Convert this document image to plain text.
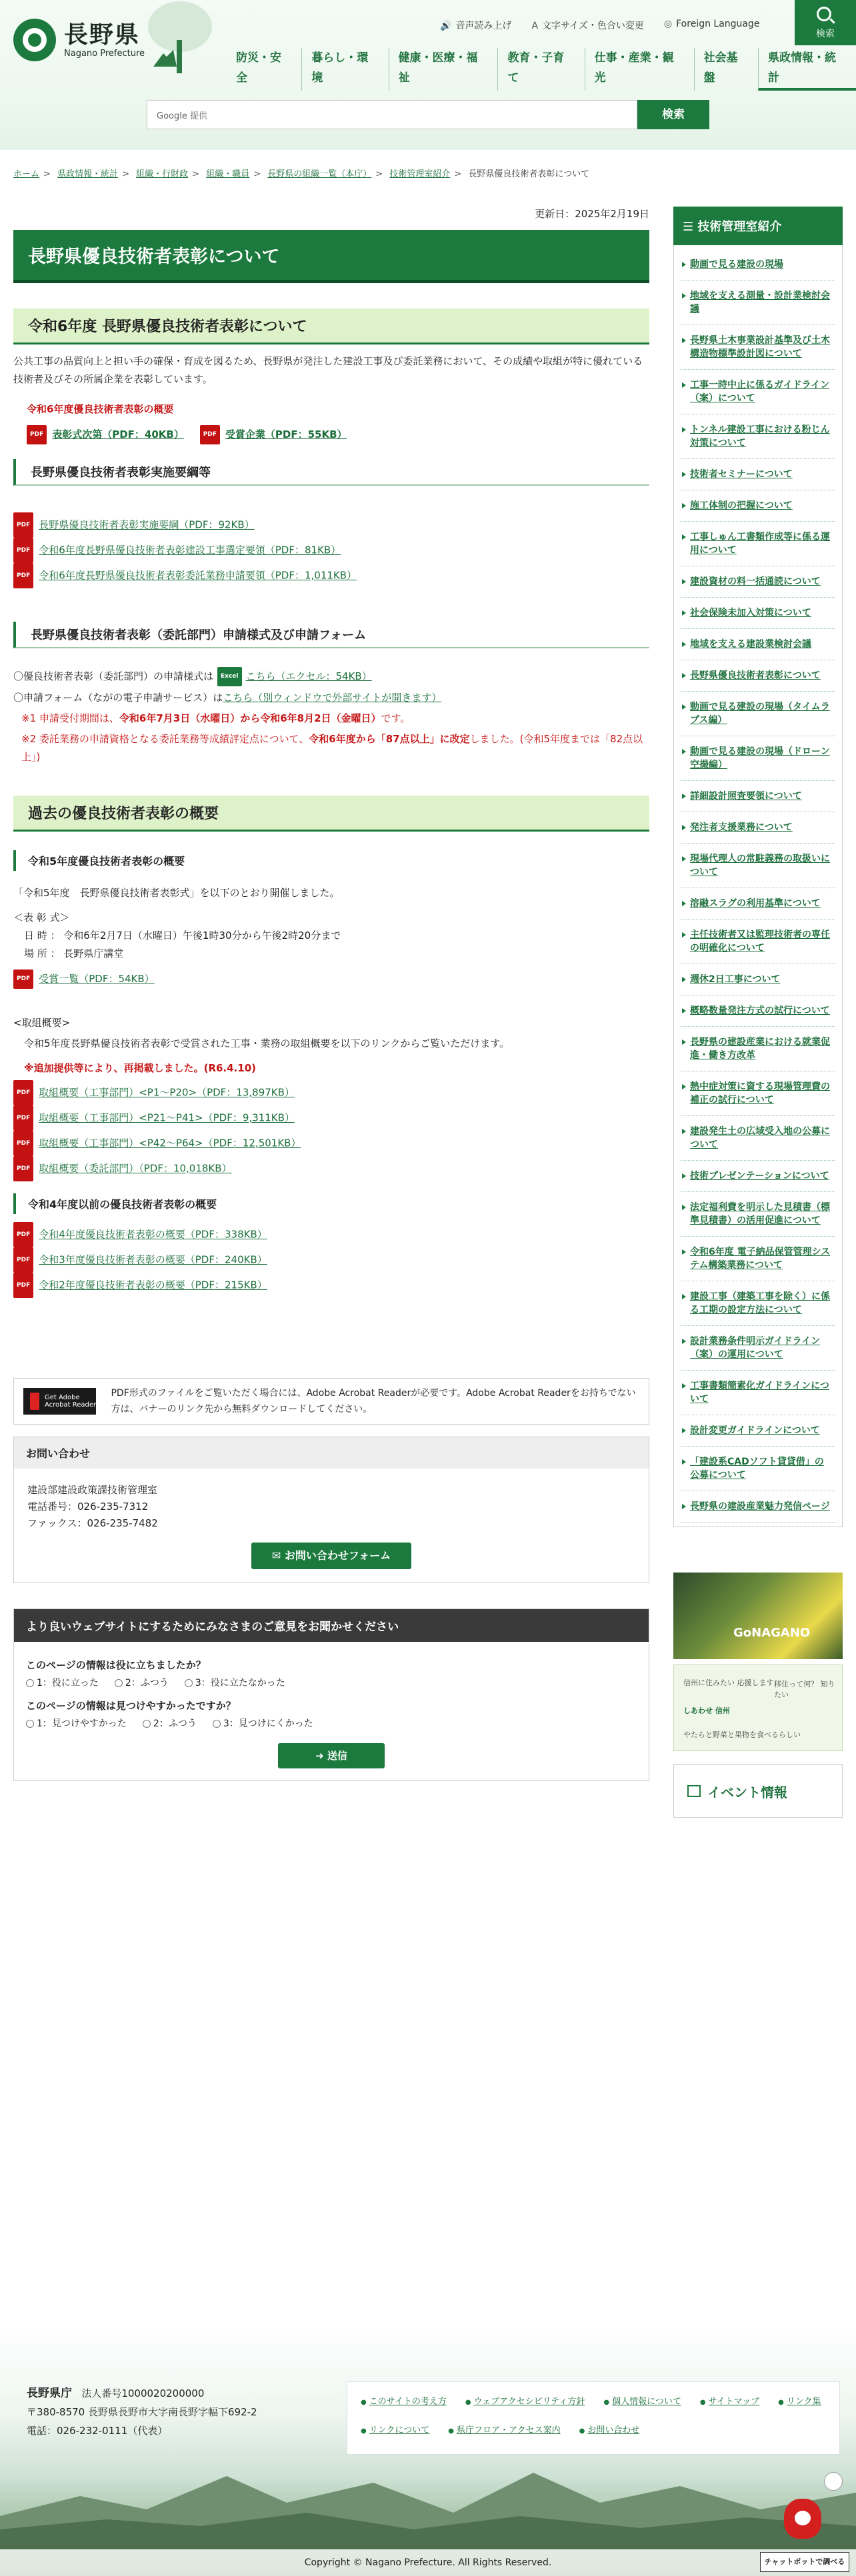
長野県
Nagano Prefecture
🔊 音声読み上げ A 文字サイズ・色合い変更 ◎ Foreign Language
検索
防災・安全
暮らし・環境
健康・医療・福祉
教育・子育て
仕事・産業・観光
社会基盤
県政情報・統計
Google 提供	検索
ホーム > 県政情報・統計 > 組織・行財政 > 組織・職員 > 長野県の組織一覧（本庁） > 技術管理室紹介 > 長野県優良技術者表彰について
更新日：2025年2月19日
長野県優良技術者表彰について
令和6年度 長野県優良技術者表彰について

公共工事の品質向上と担い手の確保・育成を図るため、長野県が発注した建設工事及び委託業務において、その成績や取組が特に優れている技術者及びその所属企業を表彰しています。

令和6年度優良技術者表彰の概要

PDF 表彰式次第（PDF：40KB）	PDF 受賞企業（PDF：55KB）

長野県優良技術者表彰実施要綱等
PDF 長野県優良技術者表彰実施要綱（PDF：92KB）
PDF 令和6年度長野県優良技術者表彰建設工事選定要領（PDF：81KB）
PDF 令和6年度長野県優良技術者表彰委託業務申請要領（PDF：1,011KB）
長野県優良技術者表彰（委託部門）申請様式及び申請フォーム

〇優良技術者表彰（委託部門）の申請様式は Excel こちら（エクセル：54KB）

〇申請フォーム（ながの電子申請サービス）はこちら（別ウィンドウで外部サイトが開きます）

※1 申請受付期間は、令和6年7月3日（水曜日）から令和6年8月2日（金曜日）です。

※2 委託業務の申請資格となる委託業務等成績評定点について、令和6年度から「87点以上」に改定しました。(令和5年度までは「82点以上」)

過去の優良技術者表彰の概要
令和5年度優良技術者表彰の概要

「令和5年度　長野県優良技術者表彰式」を以下のとおり開催しました。

＜表 彰 式＞

日 時 ： 令和6年2月7日（水曜日）午後1時30分から午後2時20分まで

場 所 ： 長野県庁講堂

PDF 受賞一覧（PDF：54KB）

<取組概要>

令和5年度長野県優良技術者表彰で受賞された工事・業務の取組概要を以下のリンクからご覧いただけます。

※追加提供等により、再掲載しました。(R6.4.10)

PDF 取組概要（工事部門）<P1～P20>（PDF：13,897KB）
PDF 取組概要（工事部門）<P21～P41>（PDF：9,311KB）
PDF 取組概要（工事部門）<P42～P64>（PDF：12,501KB）
PDF 取組概要（委託部門）（PDF：10,018KB）
令和4年度以前の優良技術者表彰の概要
PDF 令和4年度優良技術者表彰の概要（PDF：338KB）
PDF 令和3年度優良技術者表彰の概要（PDF：240KB）
PDF 令和2年度優良技術者表彰の概要（PDF：215KB）
Get Adobe Acrobat Reader
PDF形式のファイルをご覧いただく場合には、Adobe Acrobat Readerが必要です。Adobe Acrobat Readerをお持ちでない方は、バナーのリンク先から無料ダウンロードしてください。
お問い合わせ
建設部建設政策課技術管理室
電話番号：026-235-7312
ファックス：026-235-7482
✉ お問い合わせフォーム
より良いウェブサイトにするためにみなさまのご意見をお聞かせください
このページの情報は役に立ちましたか？
1：役に立った	2：ふつう	3：役に立たなかった
このページの情報は見つけやすかったですか？
1：見つけやすかった	2：ふつう	3：見つけにくかった
➜ 送信
☰ 技術管理室紹介
動画で見る建設の現場
地域を支える測量・設計業検討会議
長野県土木事業設計基準及び土木構造物標準設計図について
工事一時中止に係るガイドライン（案）について
トンネル建設工事における粉じん対策について
技術者セミナーについて
施工体制の把握について
工事しゅん工書類作成等に係る運用について
建設資材の料一括通読について
社会保険未加入対策について
地域を支える建設業検討会議
長野県優良技術者表彰について
動画で見る建設の現場（タイムラプス編）
動画で見る建設の現場（ドローン空撮編）
詳細設計照査要領について
発注者支援業務について
現場代理人の常駐義務の取扱いについて
溶融スラグの利用基準について
主任技術者又は監理技術者の専任の明確化について
週休2日工事について
概略数量発注方式の試行について
長野県の建設産業における就業促進・働き方改革
熱中症対策に資する現場管理費の補正の試行について
建設発生土の広域受入地の公募について
技術プレゼンテーションについて
法定福利費を明示した見積書（標準見積書）の活用促進について
令和6年度 電子納品保管管理システム構築業務について
建設工事（建築工事を除く）に係る工期の設定方法について
設計業務条件明示ガイドライン（案）の運用について
工事書類簡素化ガイドラインについて
設計変更ガイドラインについて
「建設系CADソフト貸貸借」の公募について
長野県の建設産業魅力発信ページ
GoNAGANO
信州に住みたい 応援します 移住って何？ 知りたい
しあわせ 信州
やたらと野菜と果物を食べるらしい
イベント情報
長野県庁 法人番号1000020200000
〒380-8570 長野県長野市大字南長野字幅下692-2
電話：026-232-0111（代表）
● このサイトの考え方	● ウェブアクセシビリティ方針	● 個人情報について	● サイトマップ	● リンク集
● リンクについて	● 県庁フロア・アクセス案内	● お問い合わせ
Copyright © Nagano Prefecture. All Rights Reserved.	チャットボットで調べる
